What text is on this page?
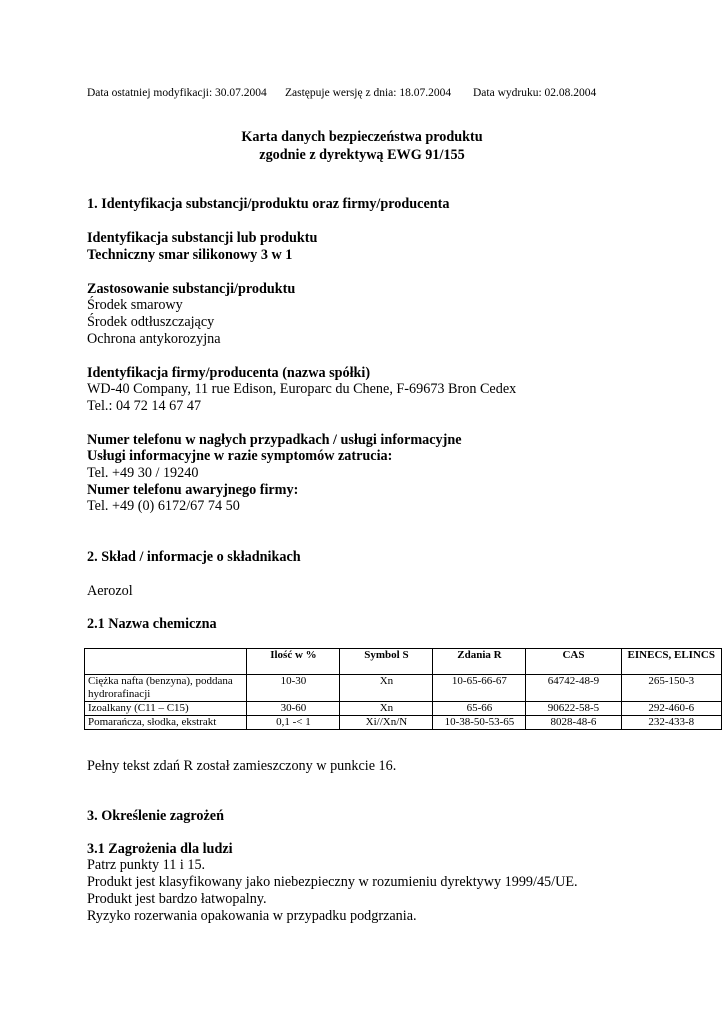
Data ostatniej modyfikacji: 30.07.2004 Zastępuje wersję z dnia: 18.07.2004 Data wydruku: 02.08.2004
Karta danych bezpieczeństwa produktu
zgodnie z dyrektywą EWG 91/155
1. Identyfikacja substancji/produktu oraz firmy/producenta
Identyfikacja substancji lub produktu
Techniczny smar silikonowy 3 w 1
Zastosowanie substancji/produktu
Środek smarowy
Środek odtłuszczający
Ochrona antykorozyjna
Identyfikacja firmy/producenta (nazwa spółki)
WD-40 Company, 11 rue Edison, Europarc du Chene, F-69673 Bron Cedex
Tel.: 04 72 14 67 47
Numer telefonu w nagłych przypadkach / usługi informacyjne
Usługi informacyjne w razie symptomów zatrucia:
Tel. +49 30 / 19240
Numer telefonu awaryjnego firmy:
Tel. +49 (0) 6172/67 74 50
2. Skład / informacje o składnikach
Aerozol
2.1 Nazwa chemiczna
	Ilość w %	Symbol S	Zdania R	CAS	EINECS, ELINCS
Ciężka nafta (benzyna), poddana hydrorafinacji	10-30	Xn	10-65-66-67	64742-48-9	265-150-3
Izoalkany (C11 – C15)	30-60	Xn	65-66	90622-58-5	292-460-6
Pomarańcza, słodka, ekstrakt	0,1 -< 1	Xi//Xn/N	10-38-50-53-65	8028-48-6	232-433-8
Pełny tekst zdań R został zamieszczony w punkcie 16.
3. Określenie zagrożeń
3.1 Zagrożenia dla ludzi
Patrz punkty 11 i 15.
Produkt jest klasyfikowany jako niebezpieczny w rozumieniu dyrektywy 1999/45/UE.
Produkt jest bardzo łatwopalny.
Ryzyko rozerwania opakowania w przypadku podgrzania.
